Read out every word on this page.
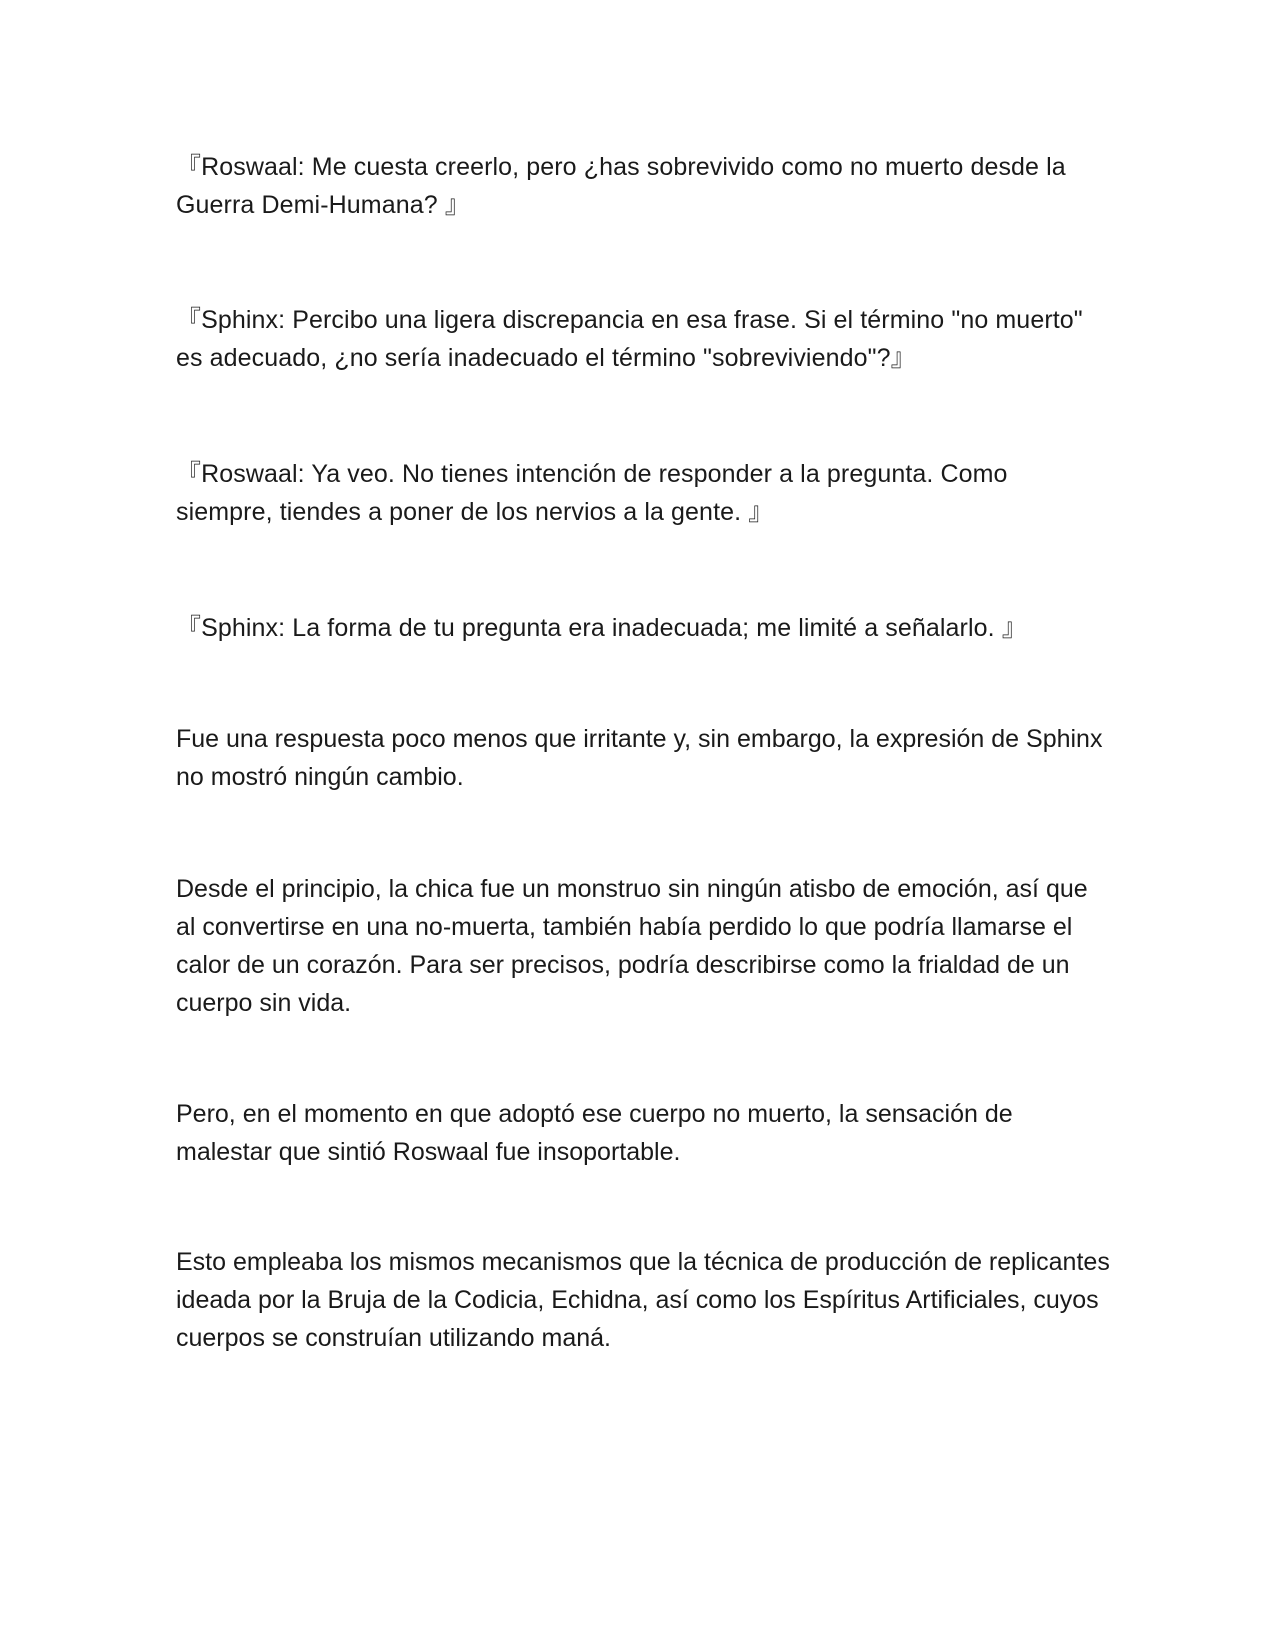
『Roswaal: Me cuesta creerlo, pero ¿has sobrevivido como no muerto desde la Guerra Demi-Humana? 』

『Sphinx: Percibo una ligera discrepancia en esa frase. Si el término "no muerto" es adecuado, ¿no sería inadecuado el término "sobreviviendo"?』

『Roswaal: Ya veo. No tienes intención de responder a la pregunta. Como siempre, tiendes a poner de los nervios a la gente. 』

『Sphinx: La forma de tu pregunta era inadecuada; me limité a señalarlo. 』

Fue una respuesta poco menos que irritante y, sin embargo, la expresión de Sphinx no mostró ningún cambio.

Desde el principio, la chica fue un monstruo sin ningún atisbo de emoción, así que al convertirse en una no-muerta, también había perdido lo que podría llamarse el calor de un corazón. Para ser precisos, podría describirse como la frialdad de un cuerpo sin vida.

Pero, en el momento en que adoptó ese cuerpo no muerto, la sensación de malestar que sintió Roswaal fue insoportable.

Esto empleaba los mismos mecanismos que la técnica de producción de replicantes ideada por la Bruja de la Codicia, Echidna, así como los Espíritus Artificiales, cuyos cuerpos se construían utilizando maná.
